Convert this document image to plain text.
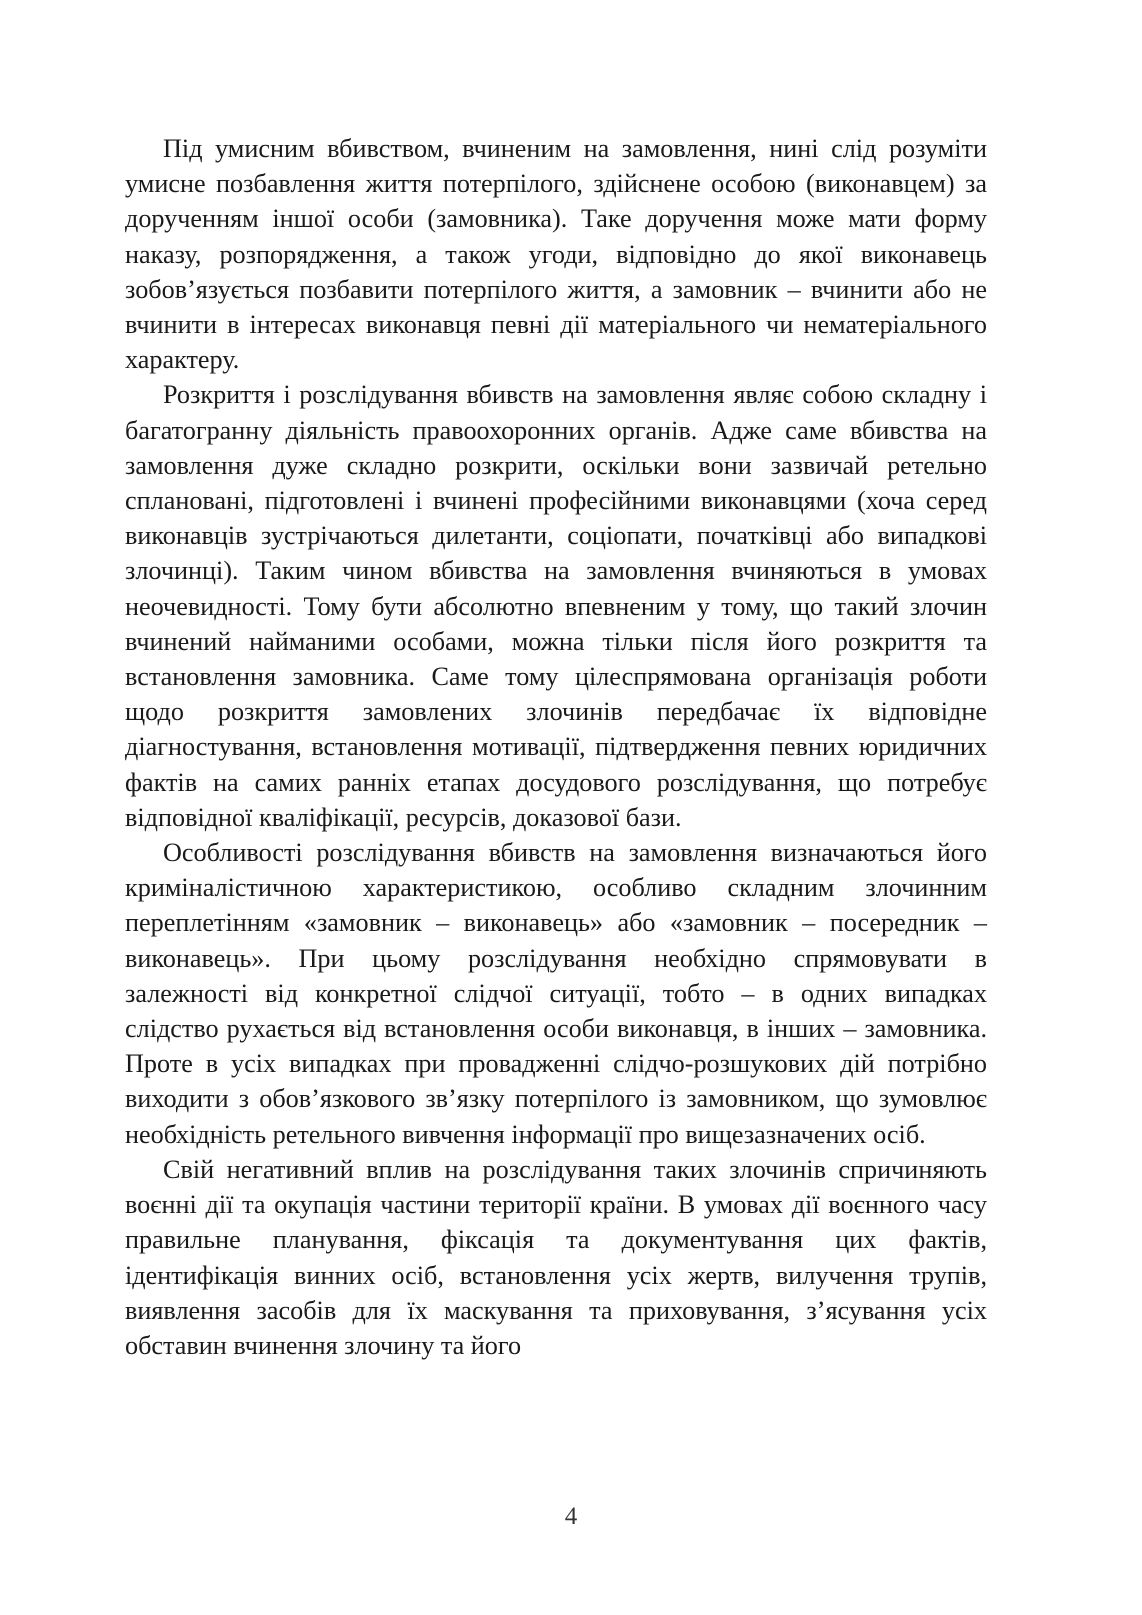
Під умисним вбивством, вчиненим на замовлення, нині слід розуміти умисне позбавлення життя потерпілого, здійснене особою (виконавцем) за дорученням іншої особи (замовника). Таке доручення може мати форму наказу, розпорядження, а також угоди, відповідно до якої виконавець зобов’язується позбавити потерпілого життя, а замовник – вчинити або не вчинити в інтересах виконавця певні дії матеріального чи нематеріального характеру.

Розкриття і розслідування вбивств на замовлення являє собою складну і багатогранну діяльність правоохоронних органів. Адже саме вбивства на замовлення дуже складно розкрити, оскільки вони зазвичай ретельно сплановані, підготовлені і вчинені професійними виконавцями (хоча серед виконавців зустрічаються дилетанти, соціопати, початківці або випадкові злочинці). Таким чином вбивства на замовлення вчиняються в умовах неочевидності. Тому бути абсолютно впевненим у тому, що такий злочин вчинений найманими особами, можна тільки після його розкриття та встановлення замовника. Саме тому цілеспрямована організація роботи щодо розкриття замовлених злочинів передбачає їх відповідне діагностування, встановлення мотивації, підтвердження певних юридичних фактів на самих ранніх етапах досудового розслідування, що потребує відповідної кваліфікації, ресурсів, доказової бази.

Особливості розслідування вбивств на замовлення визначаються його криміналістичною характеристикою, особливо складним злочинним переплетінням «замовник – виконавець» або «замовник – посередник – виконавець». При цьому розслідування необхідно спрямовувати в залежності від конкретної слідчої ситуації, тобто – в одних випадках слідство рухається від встановлення особи виконавця, в інших – замовника. Проте в усіх випадках при провадженні слідчо-розшукових дій потрібно виходити з обов’язкового зв’язку потерпілого із замовником, що зумовлює необхідність ретельного вивчення інформації про вищезазначених осіб.

Свій негативний вплив на розслідування таких злочинів спричиняють воєнні дії та окупація частини території країни. В умовах дії воєнного часу правильне планування, фіксація та документування цих фактів, ідентифікація винних осіб, встановлення усіх жертв, вилучення трупів, виявлення засобів для їх маскування та приховування, з’ясування усіх обставин вчинення злочину та його

4
